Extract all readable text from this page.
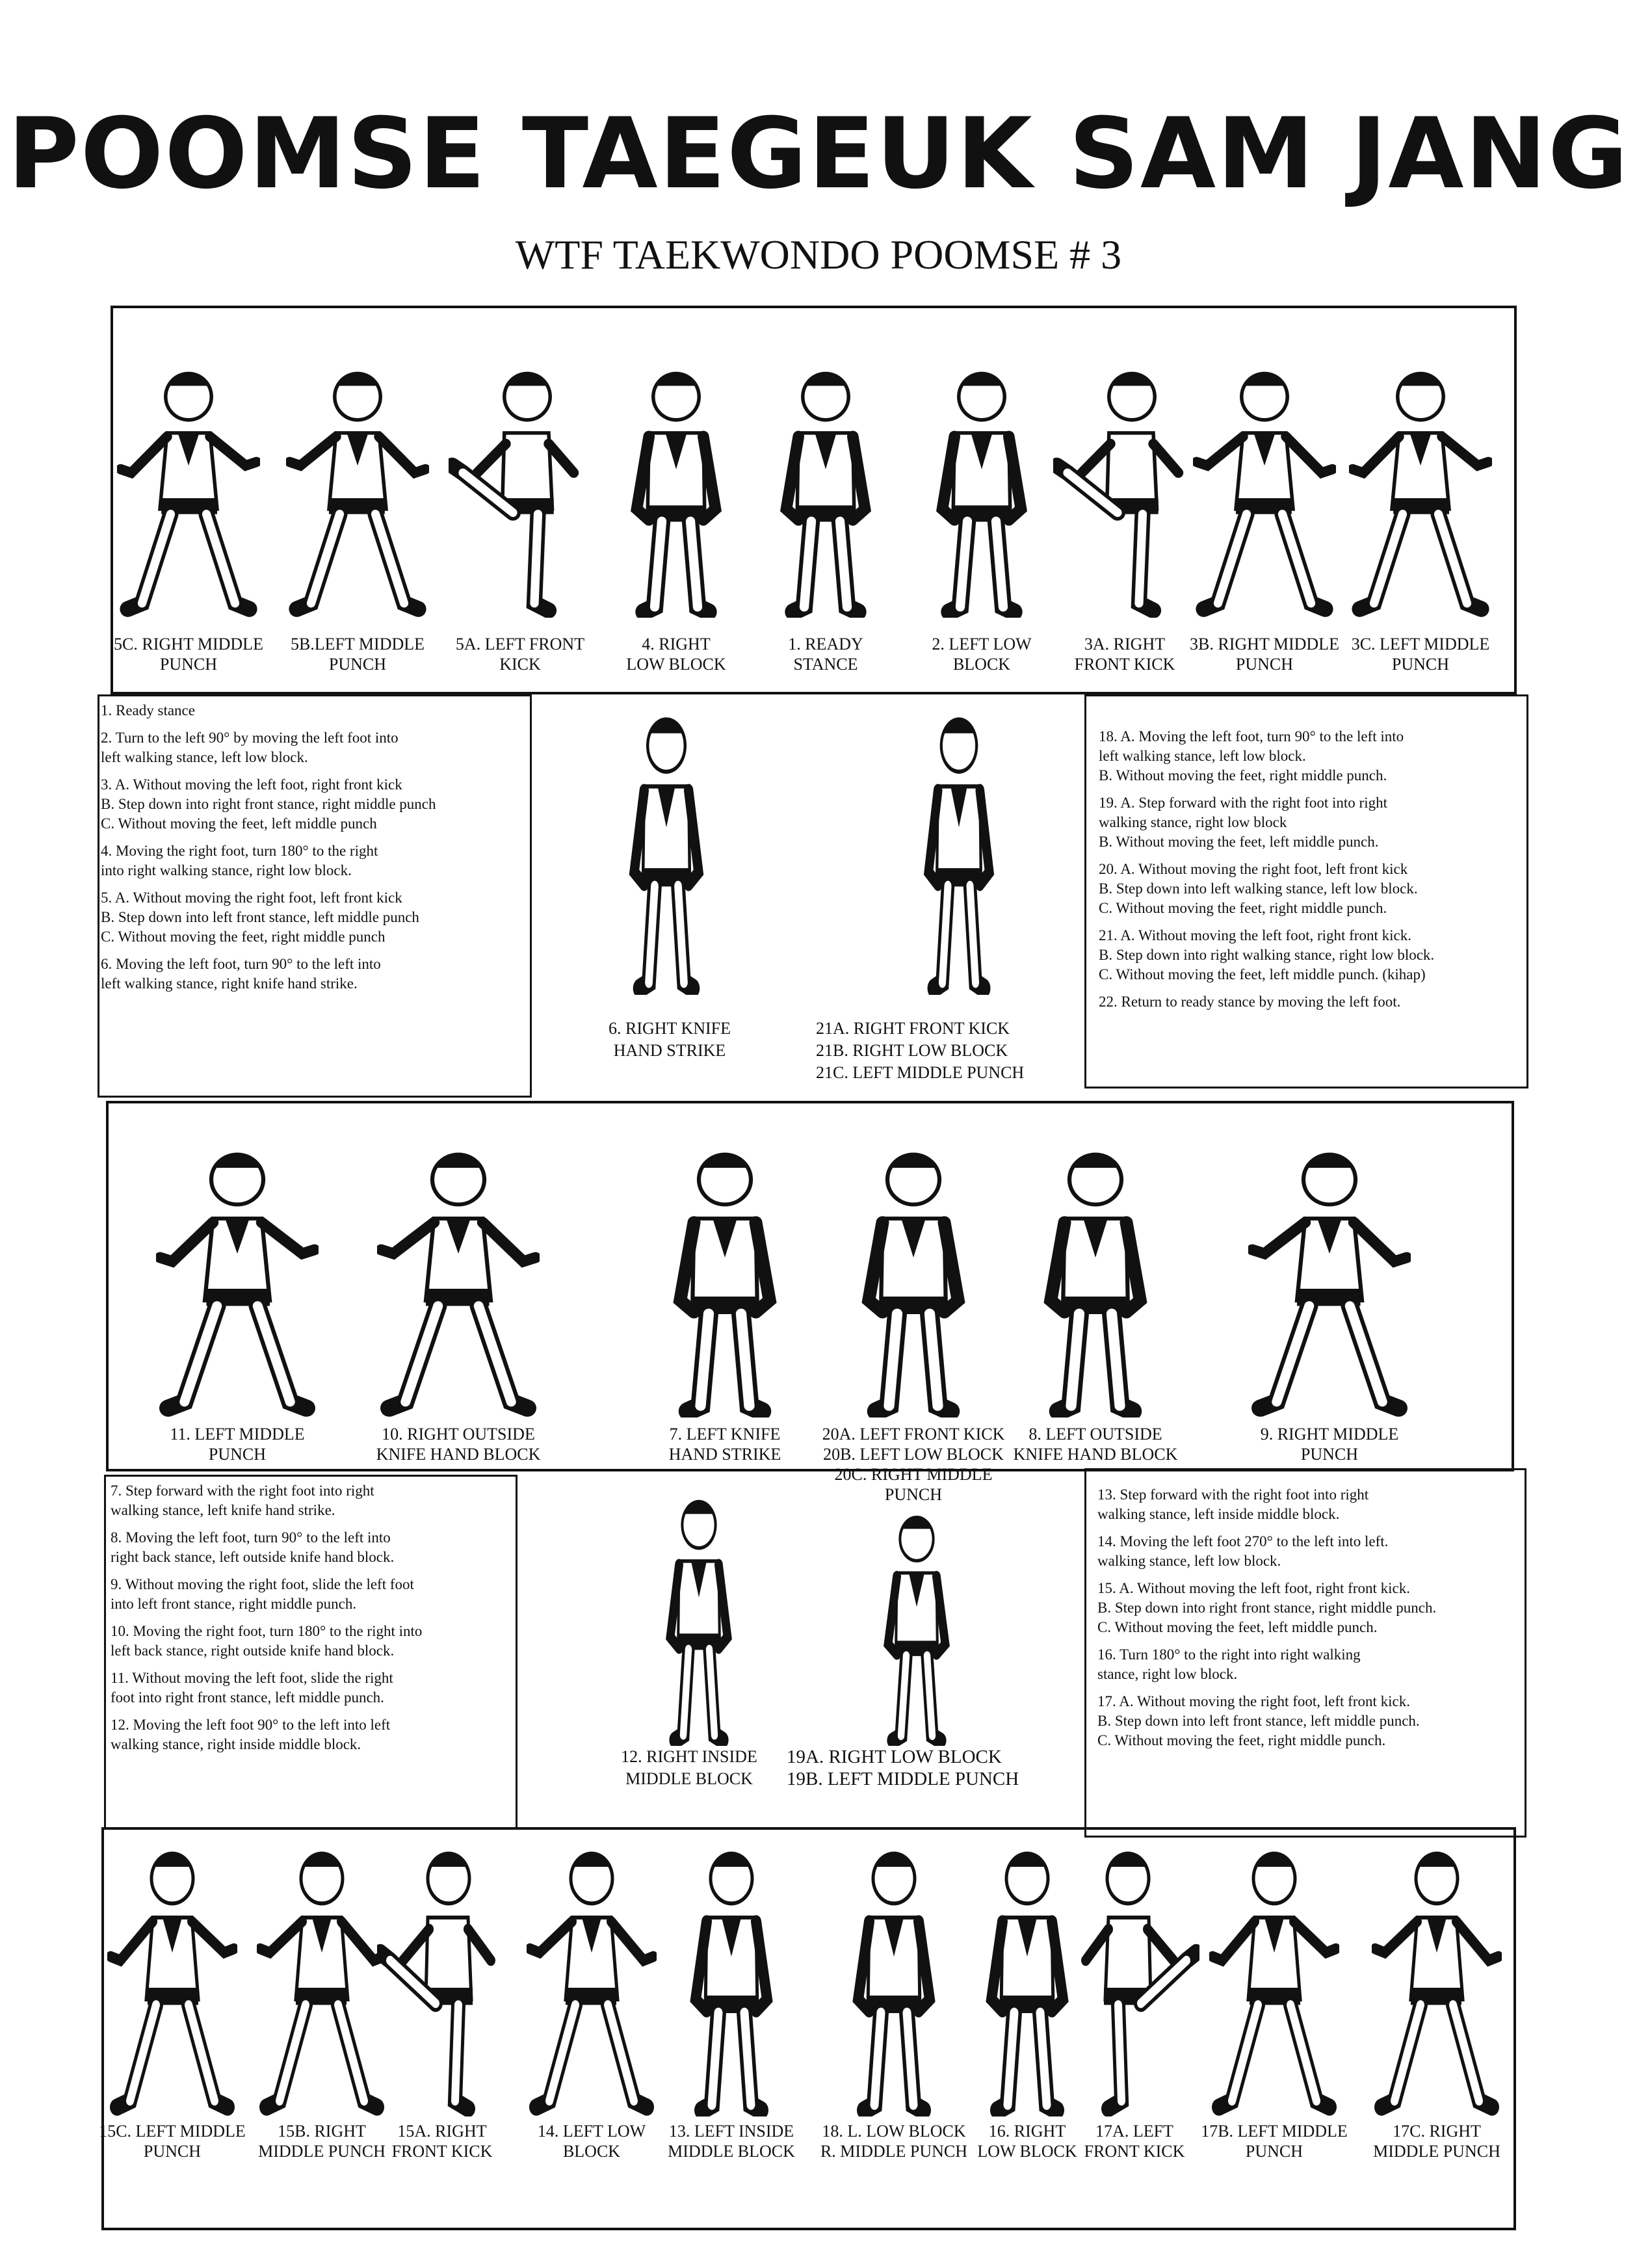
POOMSE TAEGEUK SAM JANG
WTF TAEKWONDO POOMSE # 3
5C. RIGHT MIDDLE
PUNCH
5B.LEFT MIDDLE
PUNCH
5A. LEFT FRONT
KICK
4. RIGHT
LOW BLOCK
1. READY
STANCE
2. LEFT LOW
BLOCK
3A. RIGHT
FRONT KICK
3B. RIGHT MIDDLE
PUNCH
3C. LEFT MIDDLE
PUNCH
1. Ready stance
2. Turn to the left 90° by moving the left foot into
left walking stance, left low block.
3. A. Without moving the left foot, right front kick
B. Step down into right front stance, right middle punch
C. Without moving the feet, left middle punch
4. Moving the right foot, turn 180° to the right
into right walking stance, right low block.
5. A. Without moving the right foot, left front kick
B. Step down into left front stance, left middle punch
C. Without moving the feet, right middle punch
6. Moving the left foot, turn 90° to the left into
left walking stance, right knife hand strike.
6. RIGHT KNIFE
HAND STRIKE
21A. RIGHT FRONT KICK
21B. RIGHT LOW BLOCK
21C. LEFT MIDDLE PUNCH
18. A. Moving the left foot, turn 90° to the left into
left walking stance, left low block.
B. Without moving the feet, right middle punch.
19. A. Step forward with the right foot into right
walking stance, right low block
B. Without moving the feet, left middle punch.
20. A. Without moving the right foot, left front kick
B. Step down into left walking stance, left low block.
C. Without moving the feet, right middle punch.
21. A. Without moving the left foot, right front kick.
B. Step down into right walking stance, right low block.
C. Without moving the feet, left middle punch. (kihap)
22. Return to ready stance by moving the left foot.
11. LEFT MIDDLE
PUNCH
10. RIGHT OUTSIDE
KNIFE HAND BLOCK
7. LEFT KNIFE
HAND STRIKE
20A. LEFT FRONT KICK
20B. LEFT LOW BLOCK
20C. RIGHT MIDDLE PUNCH
8. LEFT OUTSIDE
KNIFE HAND BLOCK
9. RIGHT MIDDLE
PUNCH
7. Step forward with the right foot into right
walking stance, left knife hand strike.
8. Moving the left foot, turn 90° to the left into
right back stance, left outside knife hand block.
9. Without moving the right foot, slide the left foot
into left front stance, right middle punch.
10. Moving the right foot, turn 180° to the right into
left back stance, right outside knife hand block.
11. Without moving the left foot, slide the right
foot into right front stance, left middle punch.
12. Moving the left foot 90° to the left into left
walking stance, right inside middle block.
12. RIGHT INSIDE
MIDDLE BLOCK
19A. RIGHT LOW BLOCK
19B. LEFT MIDDLE PUNCH
13. Step forward with the right foot into right
walking stance, left inside middle block.
14. Moving the left foot 270° to the left into left.
walking stance, left low block.
15. A. Without moving the left foot, right front kick.
B. Step down into right front stance, right middle punch.
C. Without moving the feet, left middle punch.
16. Turn 180° to the right into right walking
stance, right low block.
17. A. Without moving the right foot, left front kick.
B. Step down into left front stance, left middle punch.
C. Without moving the feet, right middle punch.
15C. LEFT MIDDLE
PUNCH
15B. RIGHT
MIDDLE PUNCH
15A. RIGHT
FRONT KICK
14. LEFT LOW
BLOCK
13. LEFT INSIDE
MIDDLE BLOCK
18. L. LOW BLOCK
R. MIDDLE PUNCH
16. RIGHT
LOW BLOCK
17A. LEFT
FRONT KICK
17B. LEFT MIDDLE
PUNCH
17C. RIGHT
MIDDLE PUNCH
